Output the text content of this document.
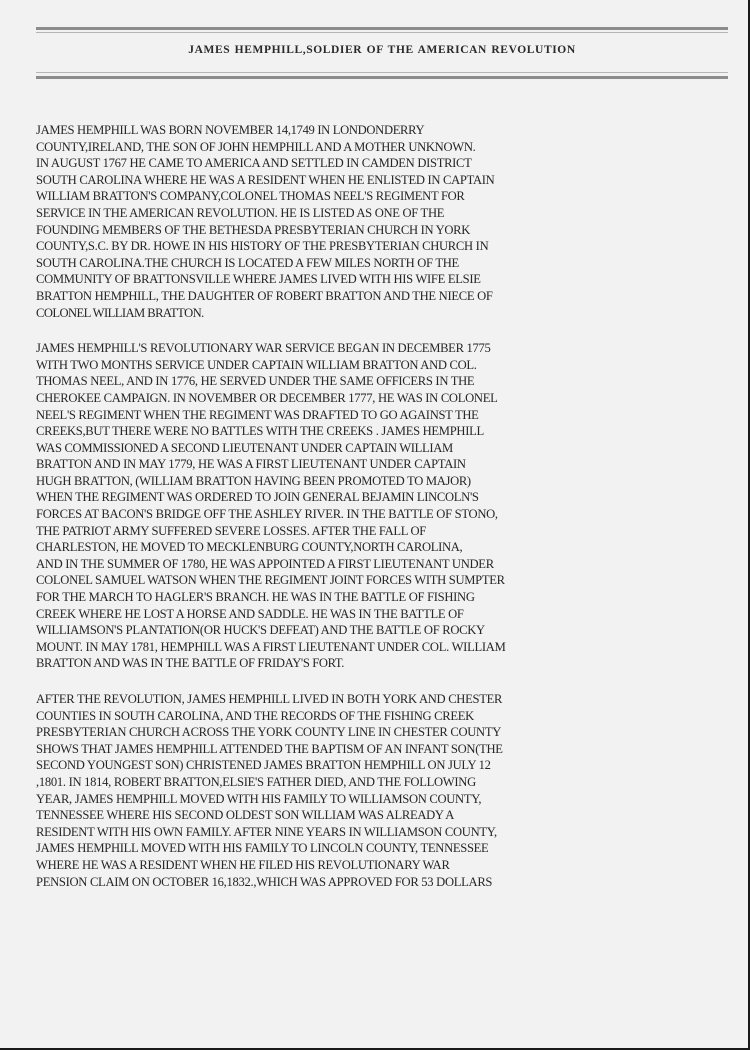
JAMES HEMPHILL,SOLDIER OF THE AMERICAN REVOLUTION
JAMES HEMPHILL WAS BORN NOVEMBER 14,1749 IN LONDONDERRY
COUNTY,IRELAND, THE SON OF JOHN HEMPHILL AND A MOTHER UNKNOWN.
IN AUGUST 1767 HE CAME TO AMERICA AND SETTLED IN CAMDEN DISTRICT
SOUTH CAROLINA WHERE HE WAS A RESIDENT WHEN HE ENLISTED IN CAPTAIN
WILLIAM BRATTON'S COMPANY,COLONEL THOMAS NEEL'S REGIMENT FOR
SERVICE IN THE AMERICAN REVOLUTION. HE IS LISTED AS ONE OF THE
FOUNDING MEMBERS OF THE BETHESDA PRESBYTERIAN CHURCH IN YORK
COUNTY,S.C. BY DR. HOWE IN HIS HISTORY OF THE PRESBYTERIAN CHURCH IN
SOUTH CAROLINA.THE CHURCH IS LOCATED A FEW MILES NORTH OF THE
COMMUNITY OF BRATTONSVILLE WHERE JAMES LIVED WITH HIS WIFE ELSIE
BRATTON HEMPHILL, THE DAUGHTER OF ROBERT BRATTON AND THE NIECE OF
COLONEL WILLIAM BRATTON.
JAMES HEMPHILL'S REVOLUTIONARY WAR SERVICE BEGAN IN DECEMBER 1775
WITH TWO MONTHS SERVICE UNDER CAPTAIN WILLIAM BRATTON AND COL.
THOMAS NEEL, AND IN 1776, HE SERVED UNDER THE SAME OFFICERS IN THE
CHEROKEE CAMPAIGN. IN NOVEMBER OR DECEMBER 1777, HE WAS IN COLONEL
NEEL'S REGIMENT WHEN THE REGIMENT WAS DRAFTED TO GO AGAINST THE
CREEKS,BUT THERE WERE NO BATTLES WITH THE CREEKS . JAMES HEMPHILL
WAS COMMISSIONED A SECOND LIEUTENANT UNDER CAPTAIN WILLIAM
BRATTON AND IN MAY 1779, HE WAS A FIRST LIEUTENANT UNDER CAPTAIN
HUGH BRATTON, (WILLIAM BRATTON HAVING BEEN PROMOTED TO MAJOR)
WHEN THE REGIMENT WAS ORDERED TO JOIN GENERAL BEJAMIN LINCOLN'S
FORCES AT BACON'S BRIDGE OFF THE ASHLEY RIVER. IN THE BATTLE OF STONO,
THE PATRIOT ARMY SUFFERED SEVERE LOSSES. AFTER THE FALL OF
CHARLESTON, HE MOVED TO MECKLENBURG COUNTY,NORTH CAROLINA,
AND IN THE SUMMER OF 1780, HE WAS APPOINTED A FIRST LIEUTENANT UNDER
COLONEL SAMUEL WATSON WHEN THE REGIMENT JOINT FORCES WITH SUMPTER
FOR THE MARCH TO HAGLER'S BRANCH. HE WAS IN THE BATTLE OF FISHING
CREEK WHERE HE LOST A HORSE AND SADDLE. HE WAS IN THE BATTLE OF
WILLIAMSON'S PLANTATION(OR HUCK'S DEFEAT) AND THE BATTLE OF ROCKY
MOUNT. IN MAY 1781, HEMPHILL WAS A FIRST LIEUTENANT UNDER COL. WILLIAM
BRATTON AND WAS IN THE BATTLE OF FRIDAY'S FORT.
AFTER THE REVOLUTION, JAMES HEMPHILL LIVED IN BOTH YORK AND CHESTER
COUNTIES IN SOUTH CAROLINA, AND THE RECORDS OF THE FISHING CREEK
PRESBYTERIAN CHURCH ACROSS THE YORK COUNTY LINE IN CHESTER COUNTY
SHOWS THAT JAMES HEMPHILL ATTENDED THE BAPTISM OF AN INFANT SON(THE
SECOND YOUNGEST SON) CHRISTENED JAMES BRATTON HEMPHILL ON JULY 12
,1801. IN 1814, ROBERT BRATTON,ELSIE'S FATHER DIED, AND THE FOLLOWING
YEAR, JAMES HEMPHILL MOVED WITH HIS FAMILY TO WILLIAMSON COUNTY,
TENNESSEE WHERE HIS SECOND OLDEST SON WILLIAM WAS ALREADY A
RESIDENT WITH HIS OWN FAMILY. AFTER NINE YEARS IN WILLIAMSON COUNTY,
JAMES HEMPHILL MOVED WITH HIS FAMILY TO LINCOLN COUNTY, TENNESSEE
WHERE HE WAS A RESIDENT WHEN HE FILED HIS REVOLUTIONARY WAR
PENSION CLAIM ON OCTOBER 16,1832.,WHICH WAS APPROVED FOR 53 DOLLARS
